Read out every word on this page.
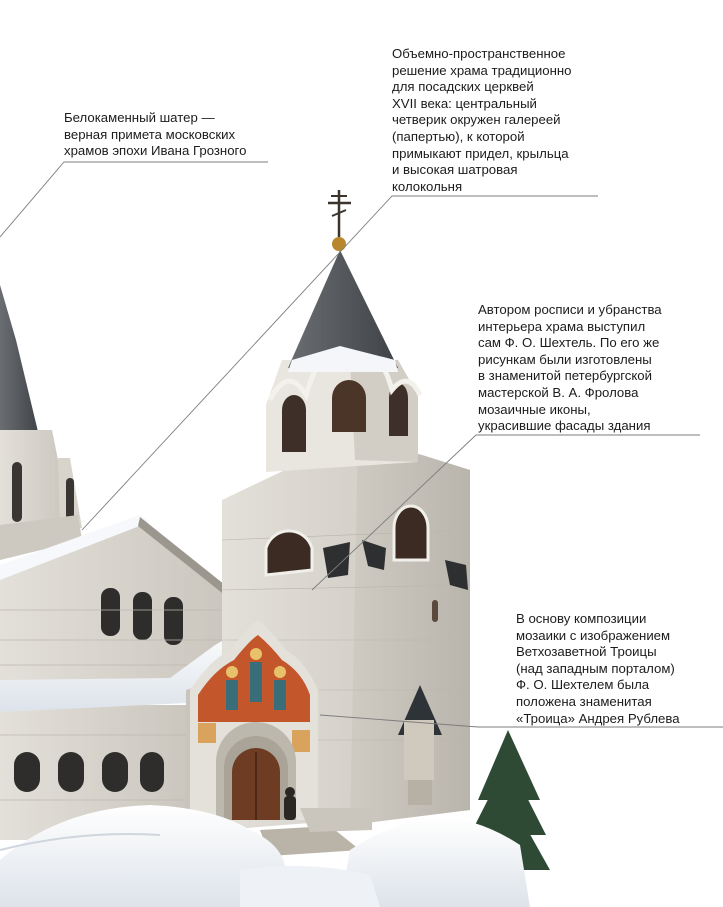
Белокаменный шатер —
верная примета московских
храмов эпохи Ивана Грозного
Объемно-пространственное
решение храма традиционно
для посадских церквей
XVII века: центральный
четверик окружен галереей
(папертью), к которой
примыкают придел, крыльца
и высокая шатровая
колокольня
Автором росписи и убранства
интерьера храма выступил
сам Ф. О. Шехтель. По его же
рисункам были изготовлены
в знаменитой петербургской
мастерской В. А. Фролова
мозаичные иконы,
украсившие фасады здания
В основу композиции
мозаики с изображением
Ветхозаветной Троицы
(над западным порталом)
Ф. О. Шехтелем была
положена знаменитая
«Троица» Андрея Рублева
